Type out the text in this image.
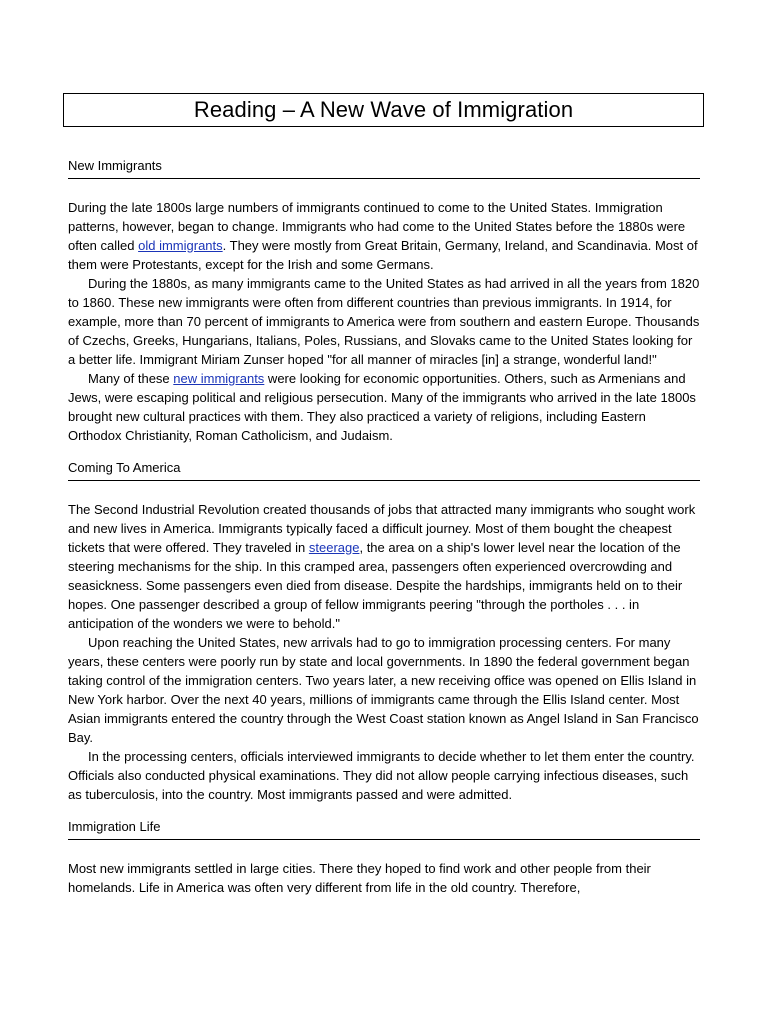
Reading – A New Wave of Immigration
New Immigrants

During the late 1800s large numbers of immigrants continued to come to the United States. Immigration patterns, however, began to change. Immigrants who had come to the United States before the 1880s were often called old immigrants. They were mostly from Great Britain, Germany, Ireland, and Scandinavia. Most of them were Protestants, except for the Irish and some Germans.

During the 1880s, as many immigrants came to the United States as had arrived in all the years from 1820 to 1860. These new immigrants were often from different countries than previous immigrants. In 1914, for example, more than 70 percent of immigrants to America were from southern and eastern Europe. Thousands of Czechs, Greeks, Hungarians, Italians, Poles, Russians, and Slovaks came to the United States looking for a better life. Immigrant Miriam Zunser hoped "for all manner of miracles [in] a strange, wonderful land!"

Many of these new immigrants were looking for economic opportunities. Others, such as Armenians and Jews, were escaping political and religious persecution. Many of the immigrants who arrived in the late 1800s brought new cultural practices with them. They also practiced a variety of religions, including Eastern Orthodox Christianity, Roman Catholicism, and Judaism.

Coming To America

The Second Industrial Revolution created thousands of jobs that attracted many immigrants who sought work and new lives in America. Immigrants typically faced a difficult journey. Most of them bought the cheapest tickets that were offered. They traveled in steerage, the area on a ship's lower level near the location of the steering mechanisms for the ship. In this cramped area, passengers often experienced overcrowding and seasickness. Some passengers even died from disease. Despite the hardships, immigrants held on to their hopes. One passenger described a group of fellow immigrants peering "through the portholes . . . in anticipation of the wonders we were to behold."

Upon reaching the United States, new arrivals had to go to immigration processing centers. For many years, these centers were poorly run by state and local governments. In 1890 the federal government began taking control of the immigration centers. Two years later, a new receiving office was opened on Ellis Island in New York harbor. Over the next 40 years, millions of immigrants came through the Ellis Island center. Most Asian immigrants entered the country through the West Coast station known as Angel Island in San Francisco Bay.

In the processing centers, officials interviewed immigrants to decide whether to let them enter the country. Officials also conducted physical examinations. They did not allow people carrying infectious diseases, such as tuberculosis, into the country. Most immigrants passed and were admitted.

Immigration Life

Most new immigrants settled in large cities. There they hoped to find work and other people from their homelands. Life in America was often very different from life in the old country. Therefore,
